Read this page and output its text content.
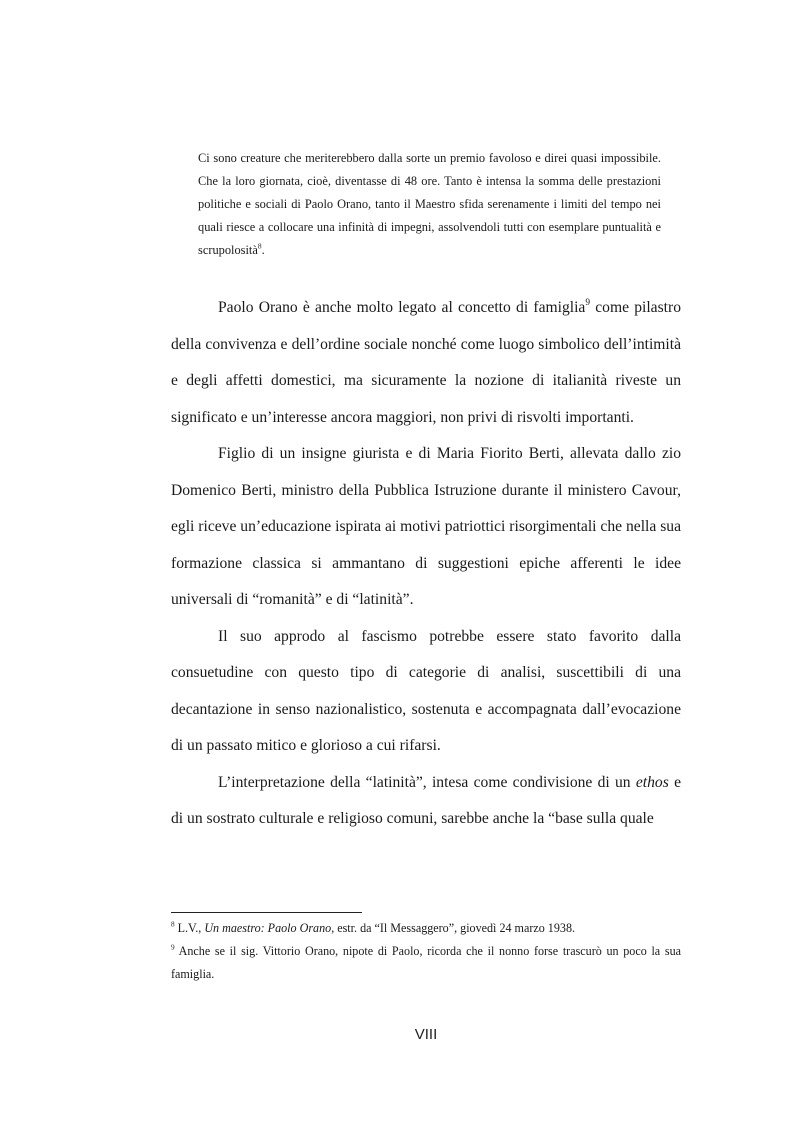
Ci sono creature che meriterebbero dalla sorte un premio favoloso e direi quasi impossibile. Che la loro giornata, cioè, diventasse di 48 ore. Tanto è intensa la somma delle prestazioni politiche e sociali di Paolo Orano, tanto il Maestro sfida serenamente i limiti del tempo nei quali riesce a collocare una infinità di impegni, assolvendoli tutti con esemplare puntualità e scrupolosità$^8$.

Paolo Orano è anche molto legato al concetto di famiglia$^9$ come pilastro della convivenza e dell’ordine sociale nonché come luogo simbolico dell’intimità e degli affetti domestici, ma sicuramente la nozione di italianità riveste un significato e un’interesse ancora maggiori, non privi di risvolti importanti.

Figlio di un insigne giurista e di Maria Fiorito Berti, allevata dallo zio Domenico Berti, ministro della Pubblica Istruzione durante il ministero Cavour, egli riceve un’educazione ispirata ai motivi patriottici risorgimentali che nella sua formazione classica si ammantano di suggestioni epiche afferenti le idee universali di “romanità” e di “latinità”.

Il suo approdo al fascismo potrebbe essere stato favorito dalla consuetudine con questo tipo di categorie di analisi, suscettibili di una decantazione in senso nazionalistico, sostenuta e accompagnata dall’evocazione di un passato mitico e glorioso a cui rifarsi.

L’interpretazione della “latinità”, intesa come condivisione di un ethos e di un sostrato culturale e religioso comuni, sarebbe anche la “base sulla quale

$^8$ L.V., Un maestro: Paolo Orano, estr. da “Il Messaggero”, giovedì 24 marzo 1938.

$^9$ Anche se il sig. Vittorio Orano, nipote di Paolo, ricorda che il nonno forse trascurò un poco la sua famiglia.

VIII
